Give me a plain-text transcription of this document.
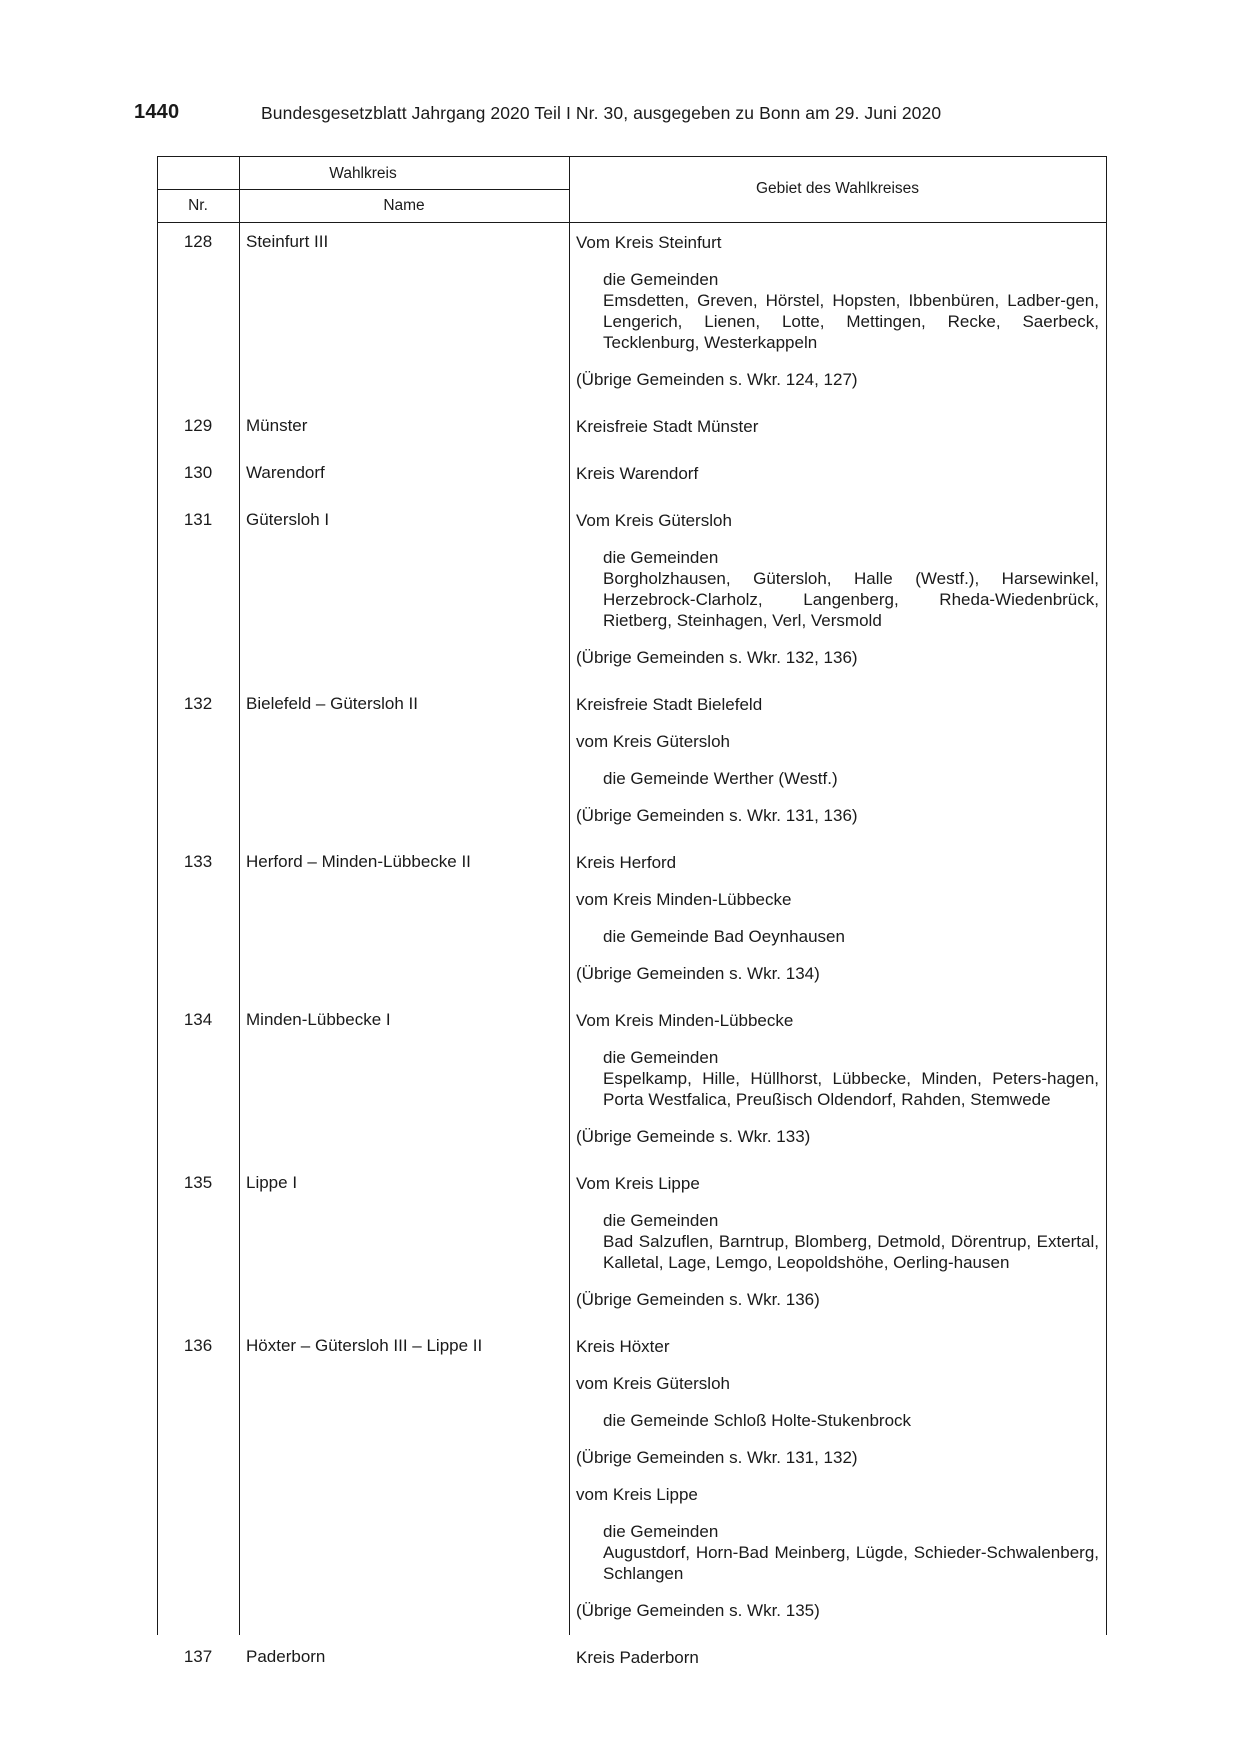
1440	Bundesgesetzblatt Jahrgang 2020 Teil I Nr. 30, ausgegeben zu Bonn am 29. Juni 2020
Wahlkreis
Nr.	Name
Gebiet des Wahlkreises
128	Steinfurt III	Vom Kreis Steinfurt
die Gemeinden
Emsdetten, Greven, Hörstel, Hopsten, Ibbenbüren, Ladber-gen, Lengerich, Lienen, Lotte, Mettingen, Recke, Saerbeck, Tecklenburg, Westerkappeln
(Übrige Gemeinden s. Wkr. 124, 127)
129	Münster	Kreisfreie Stadt Münster
130	Warendorf	Kreis Warendorf
131	Gütersloh I	Vom Kreis Gütersloh
die Gemeinden
Borgholzhausen, Gütersloh, Halle (Westf.), Harsewinkel, Herzebrock-Clarholz, Langenberg, Rheda-Wiedenbrück, Rietberg, Steinhagen, Verl, Versmold
(Übrige Gemeinden s. Wkr. 132, 136)
132	Bielefeld – Gütersloh II	Kreisfreie Stadt Bielefeld
vom Kreis Gütersloh
die Gemeinde Werther (Westf.)
(Übrige Gemeinden s. Wkr. 131, 136)
133	Herford – Minden-Lübbecke II	Kreis Herford
vom Kreis Minden-Lübbecke
die Gemeinde Bad Oeynhausen
(Übrige Gemeinden s. Wkr. 134)
134	Minden-Lübbecke I	Vom Kreis Minden-Lübbecke
die Gemeinden
Espelkamp, Hille, Hüllhorst, Lübbecke, Minden, Peters-hagen, Porta Westfalica, Preußisch Oldendorf, Rahden, Stemwede
(Übrige Gemeinde s. Wkr. 133)
135	Lippe I	Vom Kreis Lippe
die Gemeinden
Bad Salzuflen, Barntrup, Blomberg, Detmold, Dörentrup, Extertal, Kalletal, Lage, Lemgo, Leopoldshöhe, Oerling-hausen
(Übrige Gemeinden s. Wkr. 136)
136	Höxter – Gütersloh III – Lippe II	Kreis Höxter
vom Kreis Gütersloh
die Gemeinde Schloß Holte-Stukenbrock
(Übrige Gemeinden s. Wkr. 131, 132)
vom Kreis Lippe
die Gemeinden
Augustdorf, Horn-Bad Meinberg, Lügde, Schieder-Schwalenberg, Schlangen
(Übrige Gemeinden s. Wkr. 135)
137	Paderborn	Kreis Paderborn
